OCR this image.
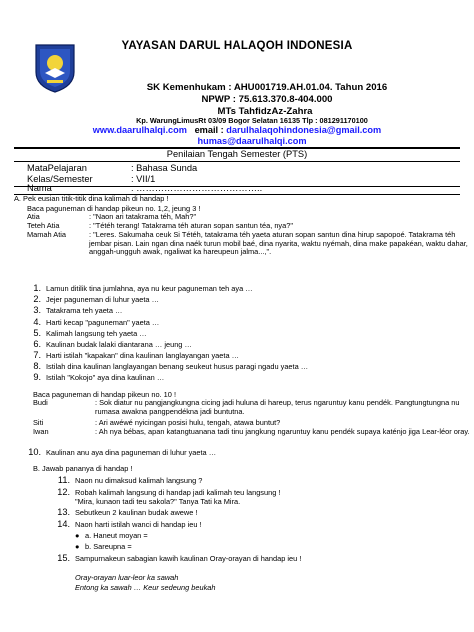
YAYASAN DARUL HALAQOH INDONESIA
SK Kemenhukam : AHU001719.AH.01.04. Tahun 2016
NPWP : 75.613.370.8-404.000
MTs TahfidzAz-Zahra
Kp. WarungLimusRt 03/09 Bogor Selatan 16135 Tlp : 081291170100
www.daarulhalqi.com email : darulhalaqohindonesia@gmail.com
humas@daarulhalqi.com
Penilaian Tengah Semester (PTS)
MataPelajaran	: Bahasa Sunda
Kelas/Semester	: VII/1
Nama	: …………………………………..
A. Pek eusian titik-titik dina kalimah di handap !
Baca paguneman di handap pikeun no. 1,2, jeung 3 !
Atia	: "Naon ari tatakrama téh, Mah?"
Teteh Atia	: "Tétéh terang! Tatakrama téh aturan sopan santun téa, nya?"
Mamah Atia	: "Leres. Sakumaha ceuk Si Tétéh, tatakrama téh yaeta aturan sopan santun dina hirup sapopoé. Tatakrama téh jembar pisan. Lain ngan dina naék turun mobil baé, dina nyarita, waktu nyémah, dina make papakéan, waktu dahar, anggah-ungguh awak, ngaliwat ka hareupeun jalma...,".
1. Lamun ditilik tina jumlahna, aya nu keur paguneman teh aya …
2. Jejer paguneman di luhur yaeta …
3. Tatakrama teh yaeta …
4. Harti kecap "paguneman" yaeta …
5. Kalimah langsung teh yaeta …
6. Kaulinan budak lalaki diantarana … jeung …
7. Harti istilah "kapakan" dina kaulinan langlayangan yaeta …
8. Istilah dina kaulinan langlayangan benang seukeut husus paragi ngadu yaeta …
9. Istilah "Kokojo" aya dina kaulinan …
Baca paguneman di handap pikeun no. 10 !
Budi	: Sok diatur nu pangjangkungna cicing jadi huluna di hareup, terus ngaruntuy kanu pendék. Pangtungtungna nu rumasa awakna pangpendékna jadi buntutna.
Siti	: Ari awéwé nyicingan posisi hulu, tengah, atawa buntut?
Iwan	: Ah nya bébas, apan katangtuanana tadi tinu jangkung ngaruntuy kanu pendék supaya katénjo jiga Lear-léor oray.
10. Kaulinan anu aya dina paguneman di luhur yaeta …
B. Jawab pananya di handap !
11. Naon nu dimaksud kalimah langsung ?
12. Robah kalimah langsung di handap jadi kalimah teu langsung !
"Mira, kunaon tadi teu sakola?" Tanya Tati ka Mira.
13. Sebutkeun 2 kaulinan budak awewe !
14. Naon harti istilah wanci di handap ieu !
● a. Haneut moyan =
● b. Sareupna =
15. Sampurnakeun sabagian kawih kaulinan Oray-orayan di handap ieu !
Oray-orayan luar-leor ka sawah
Entong ka sawah … Keur sedeung beukah
